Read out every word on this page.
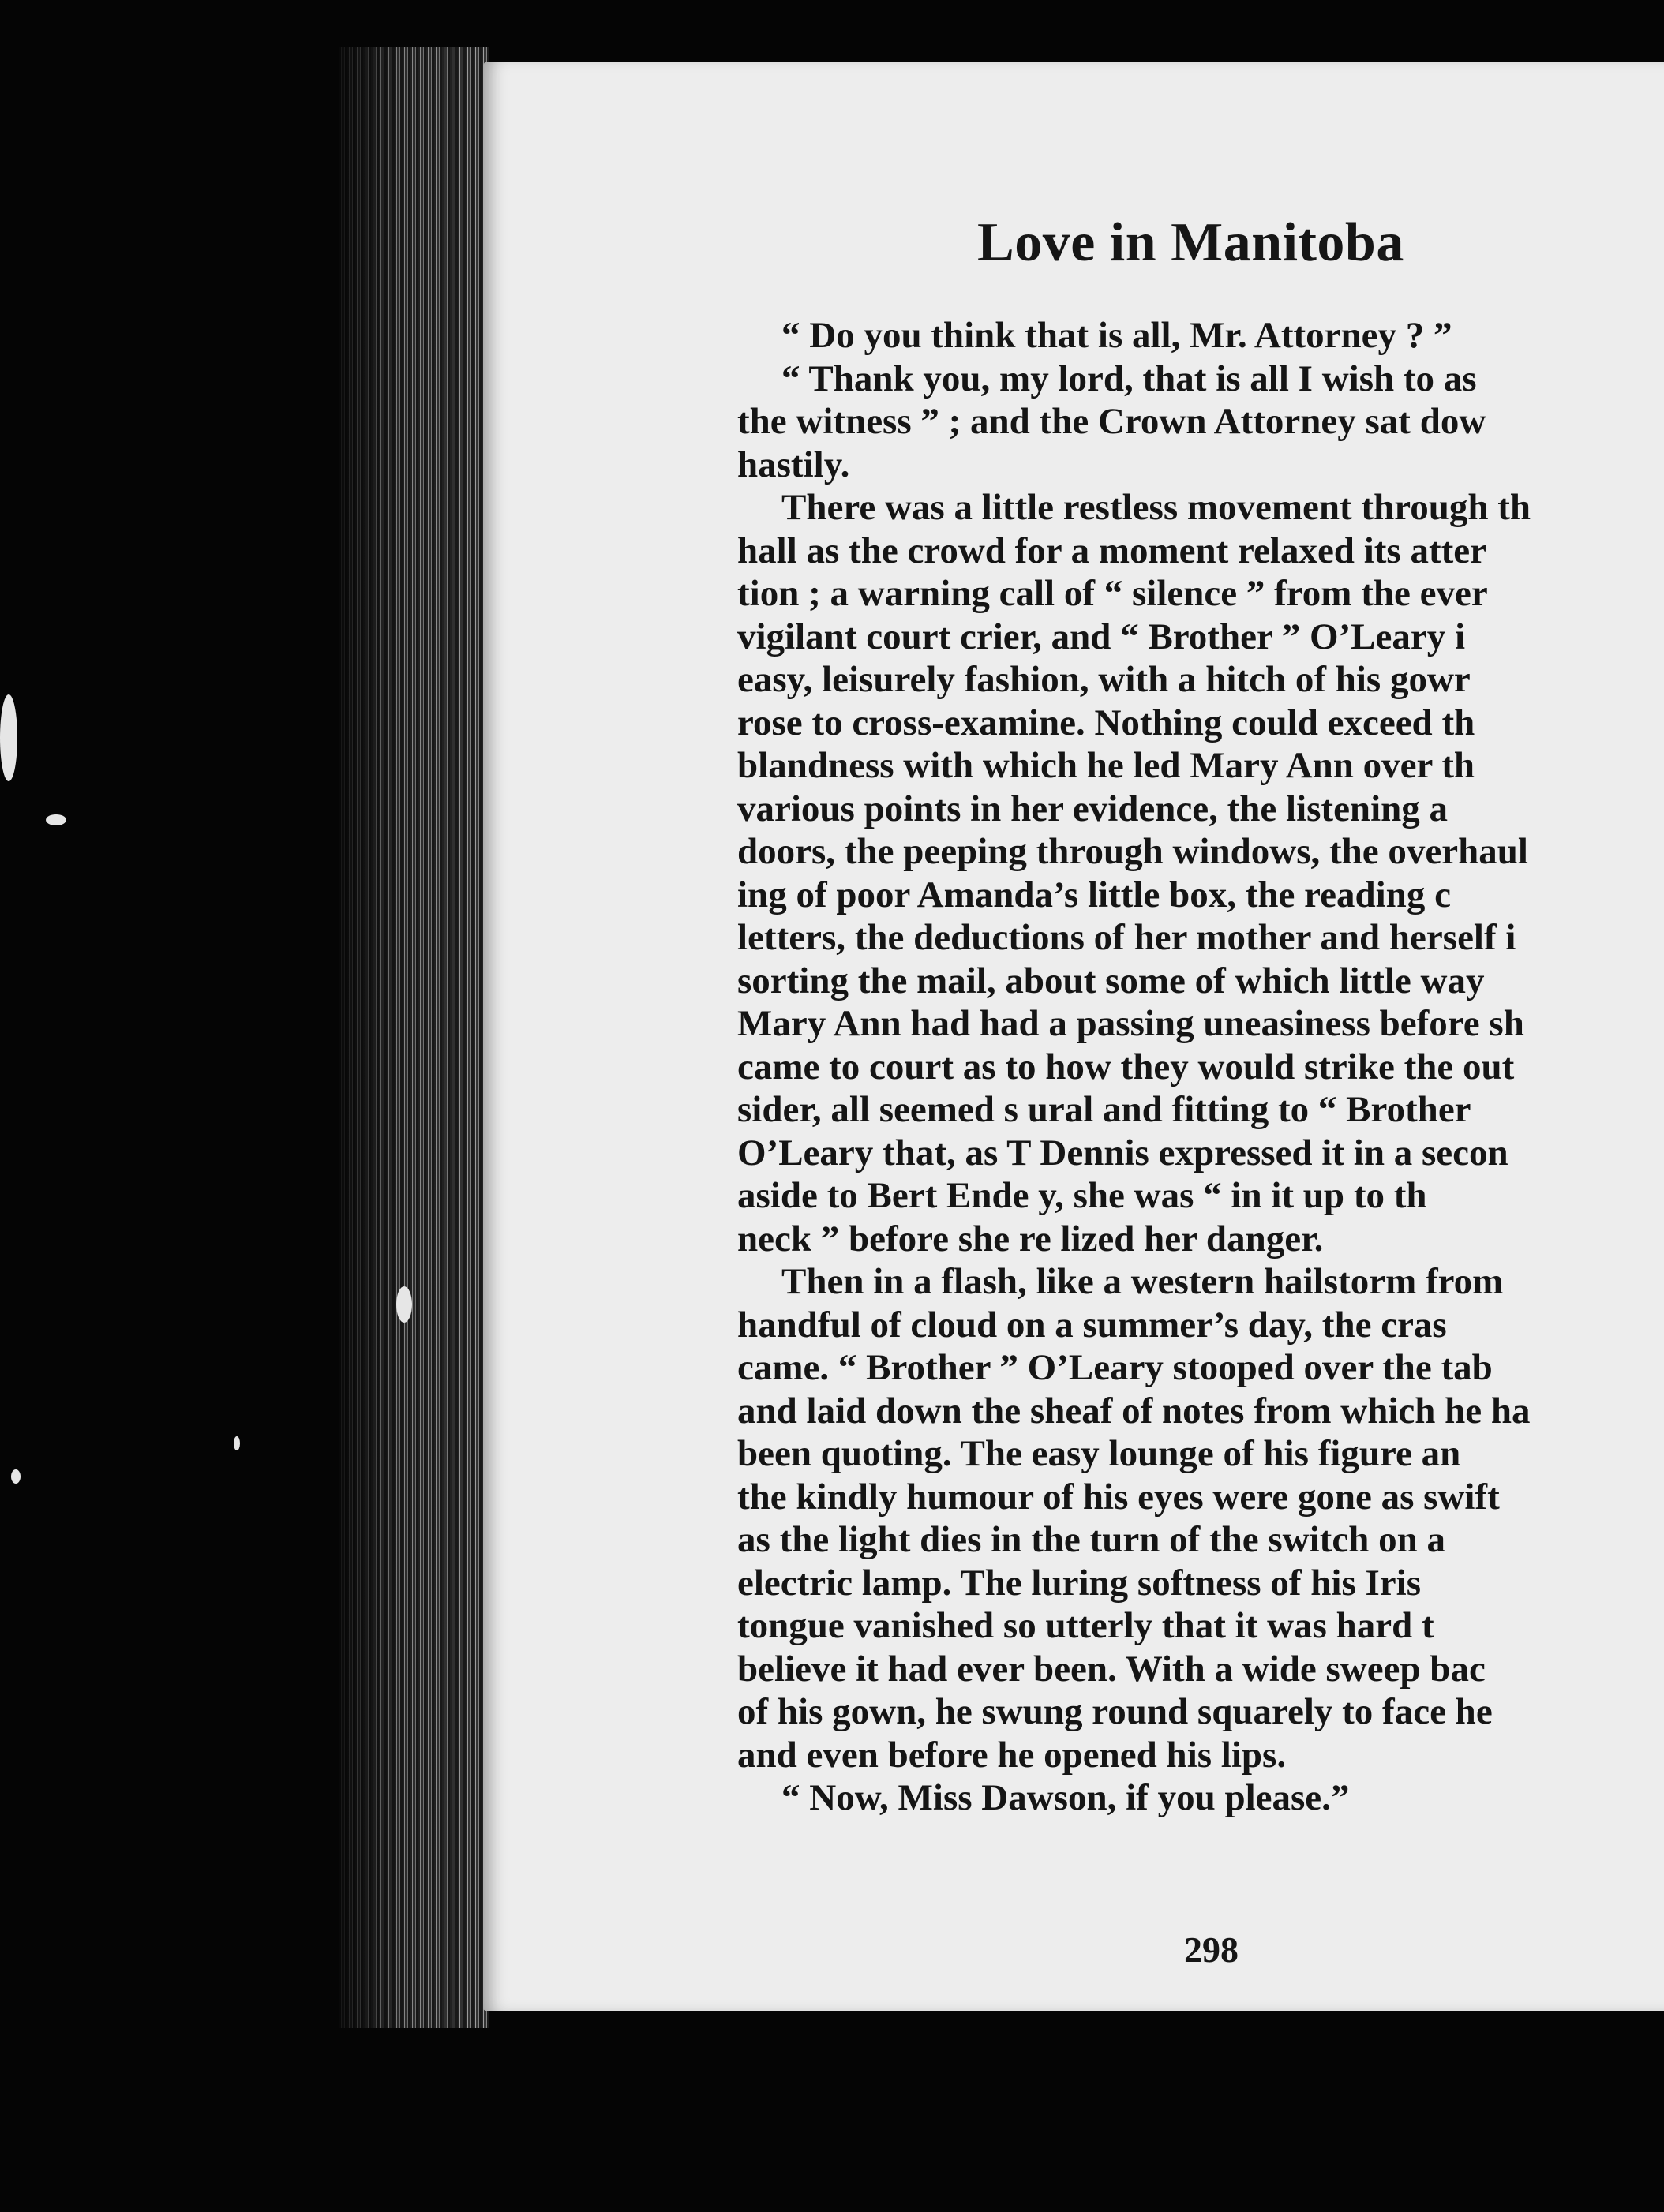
Love in Manitoba
“ Do you think that is all, Mr. Attorney ? ”
“ Thank you, my lord, that is all I wish to as
the witness ” ; and the Crown Attorney sat dow
hastily.
There was a little restless movement through th
hall as the crowd for a moment relaxed its atter
tion ; a warning call of “ silence ” from the ever
vigilant court crier, and “ Brother ” O’Leary i
easy, leisurely fashion, with a hitch of his gowr
rose to cross-examine. Nothing could exceed th
blandness with which he led Mary Ann over th
various points in her evidence, the listening a
doors, the peeping through windows, the overhaul
ing of poor Amanda’s little box, the reading c
letters, the deductions of her mother and herself i
sorting the mail, about some of which little way
Mary Ann had had a passing uneasiness before sh
came to court as to how they would strike the out
sider, all seemed s ural and fitting to “ Brother
O’Leary that, as T Dennis expressed it in a secon
aside to Bert Ende y, she was “ in it up to th
neck ” before she re lized her danger.
Then in a flash, like a western hailstorm from
handful of cloud on a summer’s day, the cras
came. “ Brother ” O’Leary stooped over the tab
and laid down the sheaf of notes from which he ha
been quoting. The easy lounge of his figure an
the kindly humour of his eyes were gone as swift
as the light dies in the turn of the switch on a
electric lamp. The luring softness of his Iris
tongue vanished so utterly that it was hard t
believe it had ever been. With a wide sweep bac
of his gown, he swung round squarely to face he
and even before he opened his lips.
“ Now, Miss Dawson, if you please.”
298
